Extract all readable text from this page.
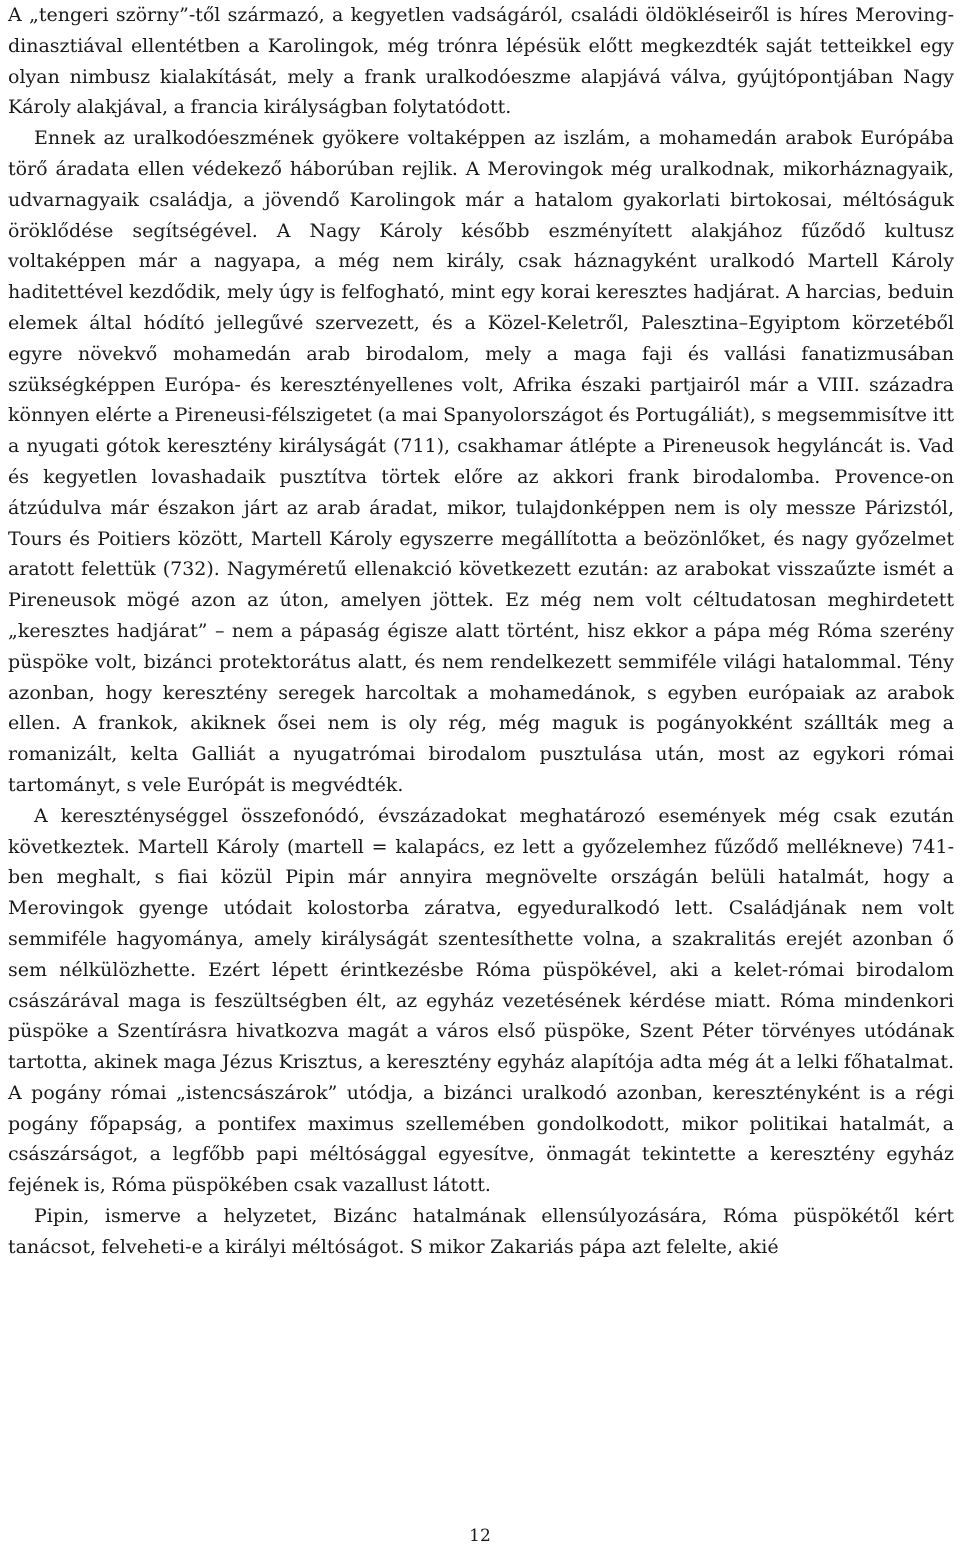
A „tengeri szörny”-től származó, a kegyetlen vadságáról, családi öldökléseiről is híres Meroving-dinasztiával ellentétben a Karolingok, még trónra lépésük előtt megkezdték saját tetteikkel egy olyan nimbusz kialakítását, mely a frank uralkodóeszme alapjává válva, gyújtópontjában Nagy Károly alakjával, a francia királyságban folytatódott.

Ennek az uralkodóeszmének gyökere voltaképpen az iszlám, a mohamedán arabok Európába törő áradata ellen védekező háborúban rejlik. A Merovingok még uralkodnak, mikorháznagyaik, udvarnagyaik családja, a jövendő Karolingok már a hatalom gyakorlati birtokosai, méltóságuk öröklődése segítségével. A Nagy Károly később eszményített alakjához fűződő kultusz voltaképpen már a nagyapa, a még nem király, csak háznagyként uralkodó Martell Károly haditettével kezdődik, mely úgy is felfogható, mint egy korai keresztes hadjárat. A harcias, beduin elemek által hódító jellegűvé szervezett, és a Közel-Keletről, Palesztina–Egyiptom körzetéből egyre növekvő mohamedán arab birodalom, mely a maga faji és vallási fanatizmusában szükségképpen Európa- és keresztényellenes volt, Afrika északi partjairól már a VIII. századra könnyen elérte a Pireneusi-félszigetet (a mai Spanyolországot és Portugáliát), s megsemmisítve itt a nyugati gótok keresztény királyságát (711), csakhamar átlépte a Pireneusok hegyláncát is. Vad és kegyetlen lovashadaik pusztítva törtek előre az akkori frank birodalomba. Provence-on átzúdulva már északon járt az arab áradat, mikor, tulajdonképpen nem is oly messze Párizstól, Tours és Poitiers között, Martell Károly egyszerre megállította a beözönlőket, és nagy győzelmet aratott felettük (732). Nagyméretű ellenakció következett ezután: az arabokat visszaűzte ismét a Pireneusok mögé azon az úton, amelyen jöttek. Ez még nem volt céltudatosan meghirdetett „keresztes hadjárat” – nem a pápaság égisze alatt történt, hisz ekkor a pápa még Róma szerény püspöke volt, bizánci protektorátus alatt, és nem rendelkezett semmiféle világi hatalommal. Tény azonban, hogy keresztény seregek harcoltak a mohamedánok, s egyben európaiak az arabok ellen. A frankok, akiknek ősei nem is oly rég, még maguk is pogányokként szállták meg a romanizált, kelta Galliát a nyugatrómai birodalom pusztulása után, most az egykori római tartományt, s vele Európát is megvédték.

A kereszténységgel összefonódó, évszázadokat meghatározó események még csak ezután következtek. Martell Károly (martell = kalapács, ez lett a győzelemhez fűződő mellékneve) 741-ben meghalt, s fiai közül Pipin már annyira megnövelte országán belüli hatalmát, hogy a Merovingok gyenge utódait kolostorba záratva, egyeduralkodó lett. Családjának nem volt semmiféle hagyománya, amely királyságát szentesíthette volna, a szakralitás erejét azonban ő sem nélkülözhette. Ezért lépett érintkezésbe Róma püspökével, aki a kelet-római birodalom császárával maga is feszültségben élt, az egyház vezetésének kérdése miatt. Róma mindenkori püspöke a Szentírásra hivatkozva magát a város első püspöke, Szent Péter törvényes utódának tartotta, akinek maga Jézus Krisztus, a keresztény egyház alapítója adta még át a lelki főhatalmat. A pogány római „istencsászárok” utódja, a bizánci uralkodó azonban, keresztényként is a régi pogány főpapság, a pontifex maximus szellemében gondolkodott, mikor politikai hatalmát, a császárságot, a legfőbb papi méltósággal egyesítve, önmagát tekintette a keresztény egyház fejének is, Róma püspökében csak vazallust látott.

Pipin, ismerve a helyzetet, Bizánc hatalmának ellensúlyozására, Róma püspökétől kért tanácsot, felveheti-e a királyi méltóságot. S mikor Zakariás pápa azt felelte, akié

12
